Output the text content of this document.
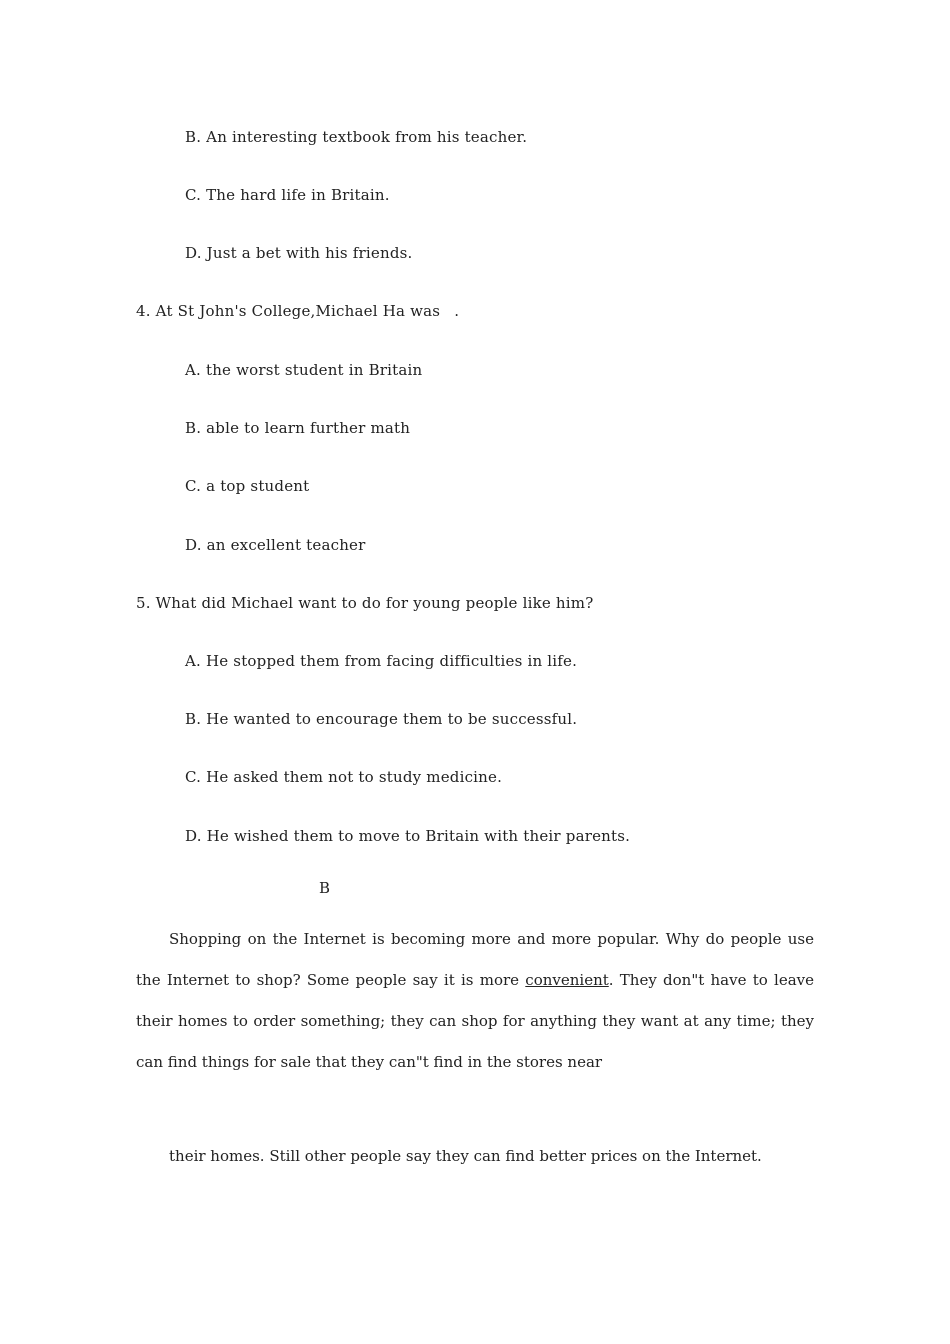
B. An interesting textbook from his teacher.
C. The hard life in Britain.
D. Just a bet with his friends.
4. At St John's College,Michael Ha was .
A. the worst student in Britain
B. able to learn further math
C. a top student
D. an excellent teacher
5. What did Michael want to do for young people like him?
A. He stopped them from facing difficulties in life.
B. He wanted to encourage them to be successful.
C. He asked them not to study medicine.
D. He wished them to move to Britain with their parents.
B
Shopping on the Internet is becoming more and more popular. Why do people use the Internet to shop? Some people say it is more convenient. They don"t have to leave their homes to order something; they can shop for anything they want at any time; they can find things for sale that they can"t find in the stores near
their homes. Still other people say they can find better prices on the Internet.
